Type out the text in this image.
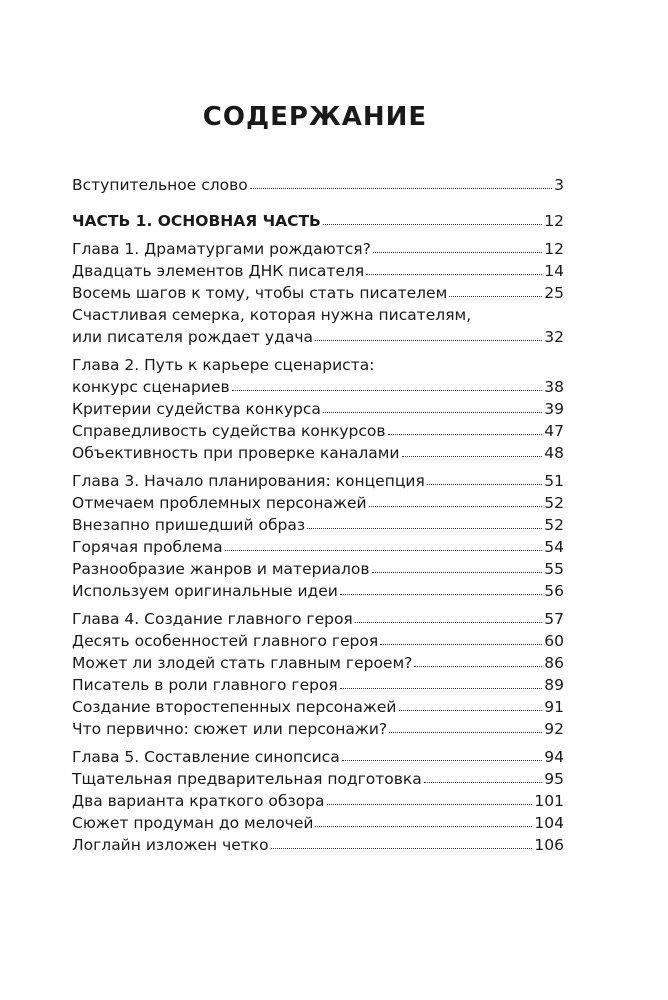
СОДЕРЖАНИЕ
Вступительное слово	3
ЧАСТЬ 1. ОСНОВНАЯ ЧАСТЬ	12
Глава 1. Драматургами рождаются?	12
Двадцать элементов ДНК писателя	14
Восемь шагов к тому, чтобы стать писателем	25
Счастливая семерка, которая нужна писателям,
или писателя рождает удача	32
Глава 2. Путь к карьере сценариста:
конкурс сценариев	38
Критерии судейства конкурса	39
Справедливость судейства конкурсов	47
Объективность при проверке каналами	48
Глава 3. Начало планирования: концепция	51
Отмечаем проблемных персонажей	52
Внезапно пришедший образ	52
Горячая проблема	54
Разнообразие жанров и материалов	55
Используем оригинальные идеи	56
Глава 4. Создание главного героя	57
Десять особенностей главного героя	60
Может ли злодей стать главным героем?	86
Писатель в роли главного героя	89
Создание второстепенных персонажей	91
Что первично: сюжет или персонажи?	92
Глава 5. Составление синопсиса	94
Тщательная предварительная подготовка	95
Два варианта краткого обзора	101
Сюжет продуман до мелочей	104
Логлайн изложен четко	106
